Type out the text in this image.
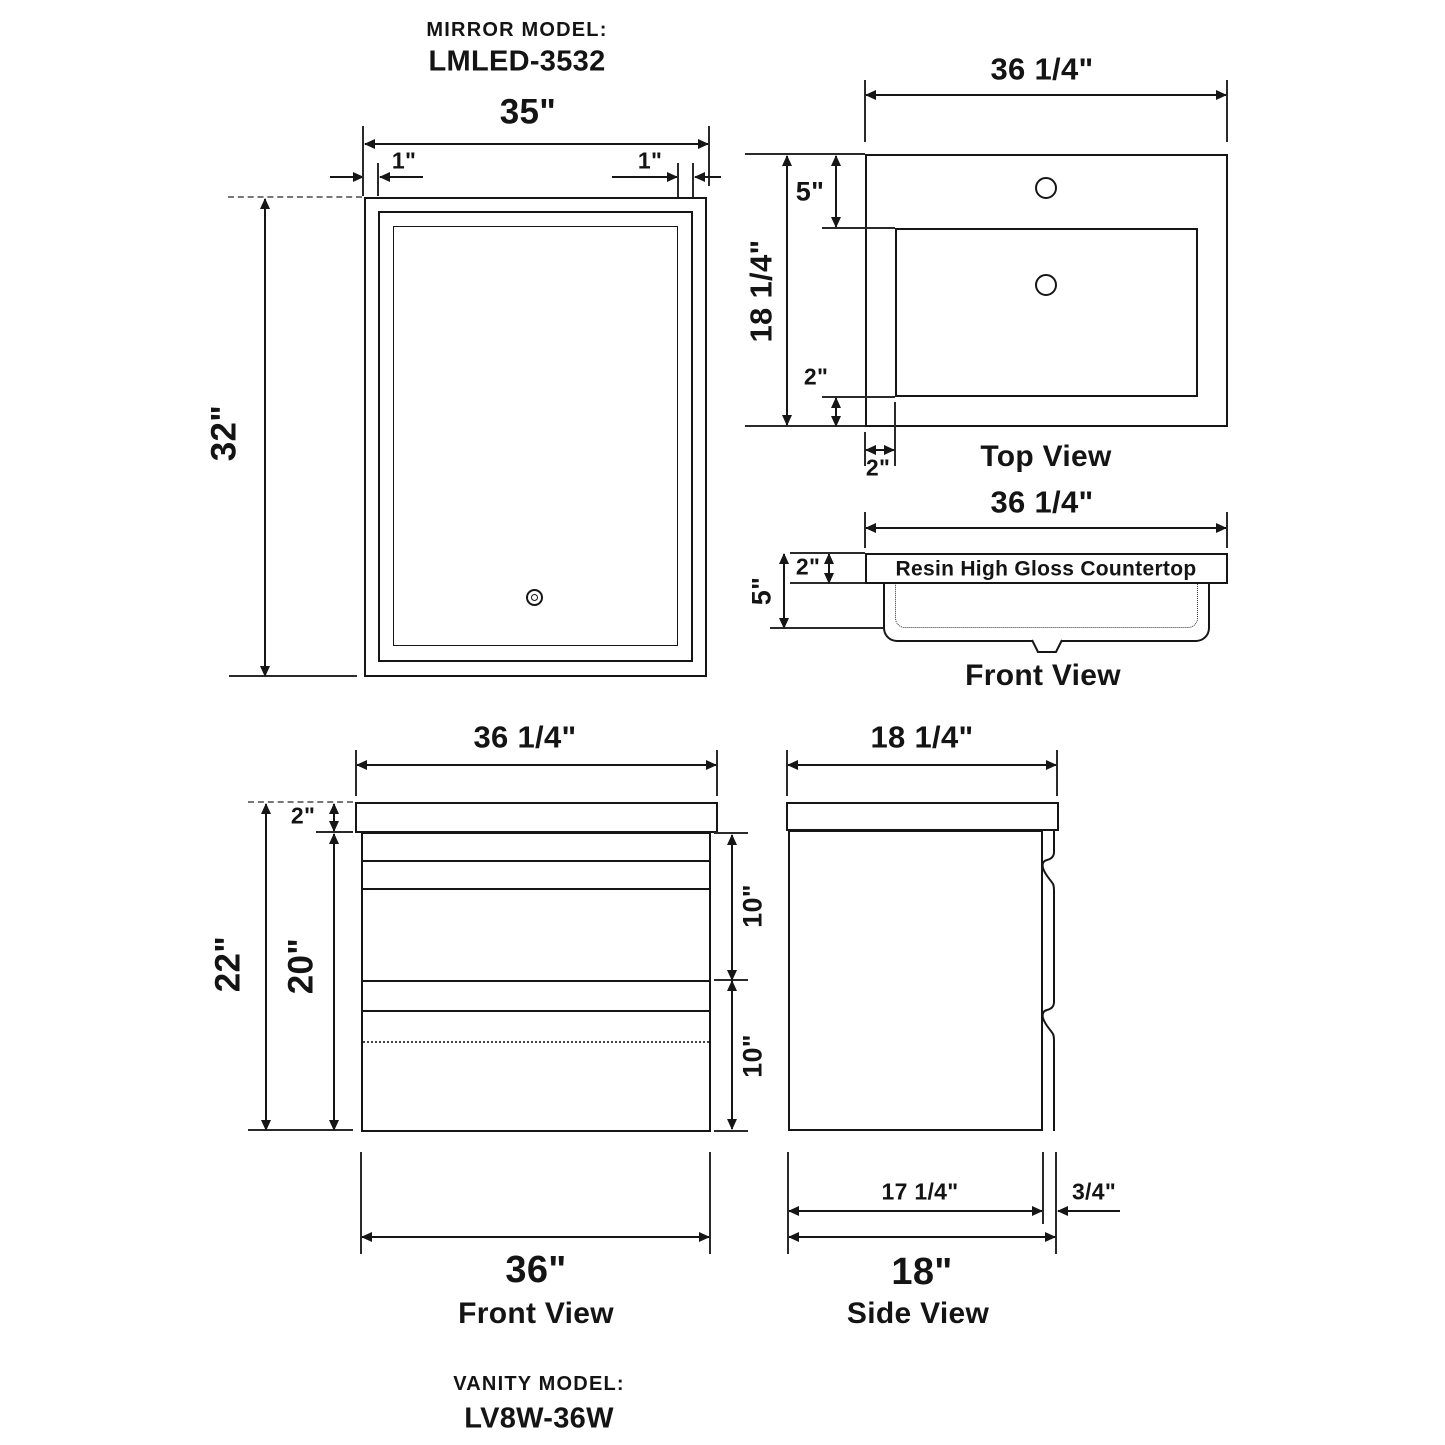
MIRROR MODEL:
LMLED-3532
35"
1"	1"
32"
36 1/4"
18 1/4"
5"
2"
2"	Top View
36 1/4"
Resin High Gloss Countertop
2"
5"
Front View
36 1/4"
22"
2"
20"
10"
10"
36"
Front View
18 1/4"
17 1/4"	3/4"
18"
Side View
VANITY MODEL:
LV8W-36W
